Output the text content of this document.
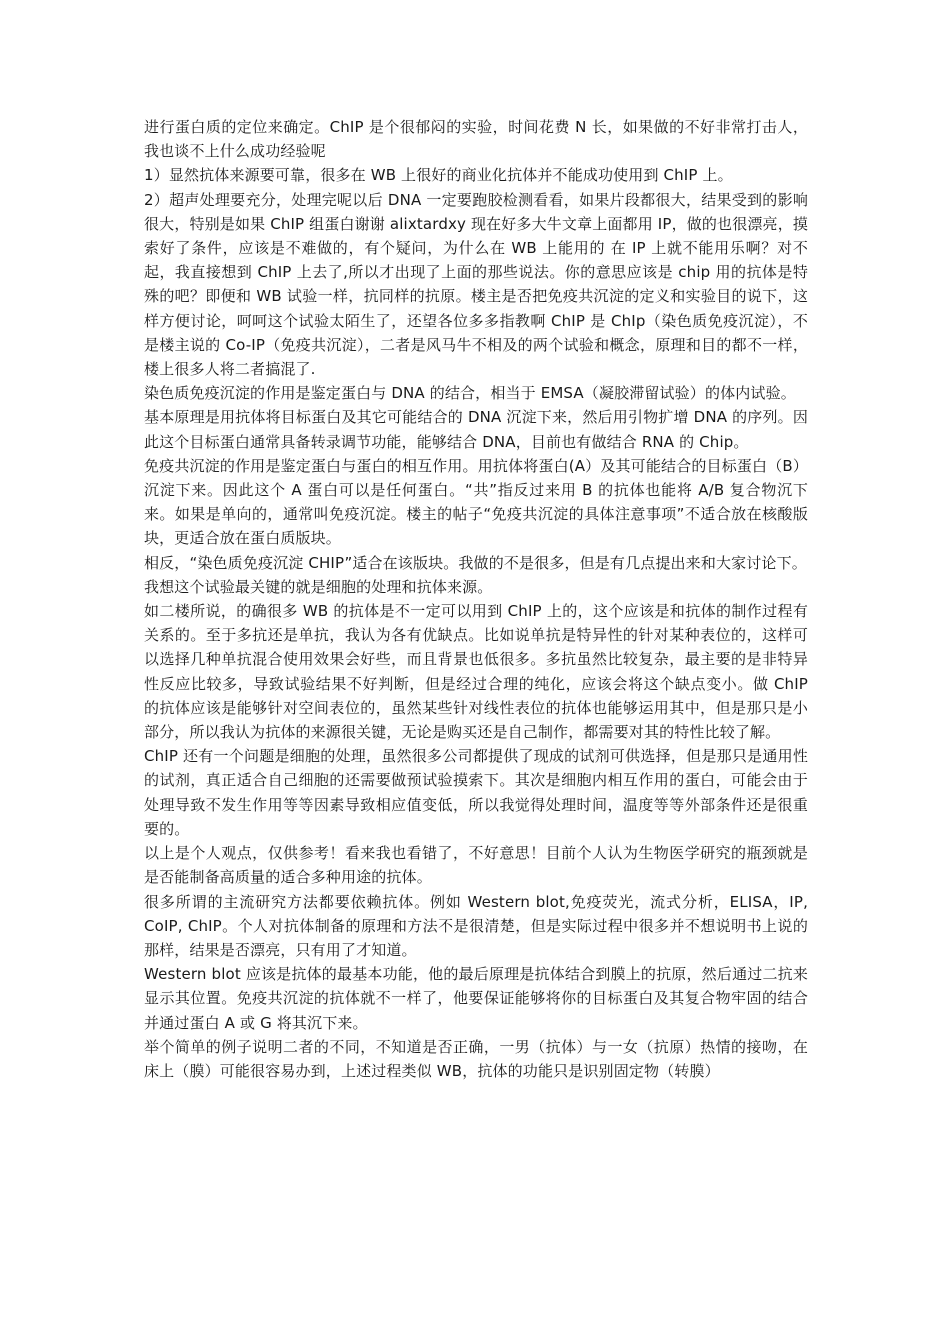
进行蛋白质的定位来确定。ChIP 是个很郁闷的实验，时间花费 N 长，如果做的不好非常打击人，我也谈不上什么成功经验呢

1）显然抗体来源要可靠，很多在 WB 上很好的商业化抗体并不能成功使用到 ChIP 上。

2）超声处理要充分，处理完呢以后 DNA 一定要跑胶检测看看，如果片段都很大，结果受到的影响很大，特别是如果 ChIP 组蛋白谢谢 alixtardxy 现在好多大牛文章上面都用 IP，做的也很漂亮，摸索好了条件，应该是不难做的，有个疑问，为什么在 WB 上能用的 在 IP 上就不能用乐啊？对不起，我直接想到 ChIP 上去了,所以才出现了上面的那些说法。你的意思应该是 chip 用的抗体是特殊的吧？即便和 WB 试验一样，抗同样的抗原。楼主是否把免疫共沉淀的定义和实验目的说下，这样方便讨论，呵呵这个试验太陌生了，还望各位多多指教啊 ChIP 是 ChIp（染色质免疫沉淀），不是楼主说的 Co-IP（免疫共沉淀），二者是风马牛不相及的两个试验和概念，原理和目的都不一样，楼上很多人将二者搞混了.

染色质免疫沉淀的作用是鉴定蛋白与 DNA 的结合，相当于 EMSA（凝胶滞留试验）的体内试验。

基本原理是用抗体将目标蛋白及其它可能结合的 DNA 沉淀下来，然后用引物扩增 DNA 的序列。因此这个目标蛋白通常具备转录调节功能，能够结合 DNA，目前也有做结合 RNA 的 Chip。

免疫共沉淀的作用是鉴定蛋白与蛋白的相互作用。用抗体将蛋白(A）及其可能结合的目标蛋白（B）沉淀下来。因此这个 A 蛋白可以是任何蛋白。“共”指反过来用 B 的抗体也能将 A/B 复合物沉下来。如果是单向的，通常叫免疫沉淀。楼主的帖子“免疫共沉淀的具体注意事项”不适合放在核酸版块，更适合放在蛋白质版块。

相反，“染色质免疫沉淀 CHIP”适合在该版块。我做的不是很多，但是有几点提出来和大家讨论下。

我想这个试验最关键的就是细胞的处理和抗体来源。

如二楼所说，的确很多 WB 的抗体是不一定可以用到 ChIP 上的，这个应该是和抗体的制作过程有关系的。至于多抗还是单抗，我认为各有优缺点。比如说单抗是特异性的针对某种表位的，这样可以选择几种单抗混合使用效果会好些，而且背景也低很多。多抗虽然比较复杂，最主要的是非特异性反应比较多，导致试验结果不好判断，但是经过合理的纯化，应该会将这个缺点变小。做 ChIP 的抗体应该是能够针对空间表位的，虽然某些针对线性表位的抗体也能够运用其中，但是那只是小部分，所以我认为抗体的来源很关键，无论是购买还是自己制作，都需要对其的特性比较了解。

ChIP 还有一个问题是细胞的处理，虽然很多公司都提供了现成的试剂可供选择，但是那只是通用性的试剂，真正适合自己细胞的还需要做预试验摸索下。其次是细胞内相互作用的蛋白，可能会由于处理导致不发生作用等等因素导致相应值变低，所以我觉得处理时间，温度等等外部条件还是很重要的。

以上是个人观点，仅供参考！看来我也看错了，不好意思！目前个人认为生物医学研究的瓶颈就是是否能制备高质量的适合多种用途的抗体。

很多所谓的主流研究方法都要依赖抗体。例如 Western blot,免疫荧光，流式分析，ELISA，IP, CoIP, ChIP。个人对抗体制备的原理和方法不是很清楚，但是实际过程中很多并不想说明书上说的那样，结果是否漂亮，只有用了才知道。

Western blot 应该是抗体的最基本功能，他的最后原理是抗体结合到膜上的抗原，然后通过二抗来显示其位置。免疫共沉淀的抗体就不一样了，他要保证能够将你的目标蛋白及其复合物牢固的结合并通过蛋白 A 或 G 将其沉下来。

举个简单的例子说明二者的不同，不知道是否正确，一男（抗体）与一女（抗原）热情的接吻，在床上（膜）可能很容易办到，上述过程类似 WB，抗体的功能只是识别固定物（转膜）
